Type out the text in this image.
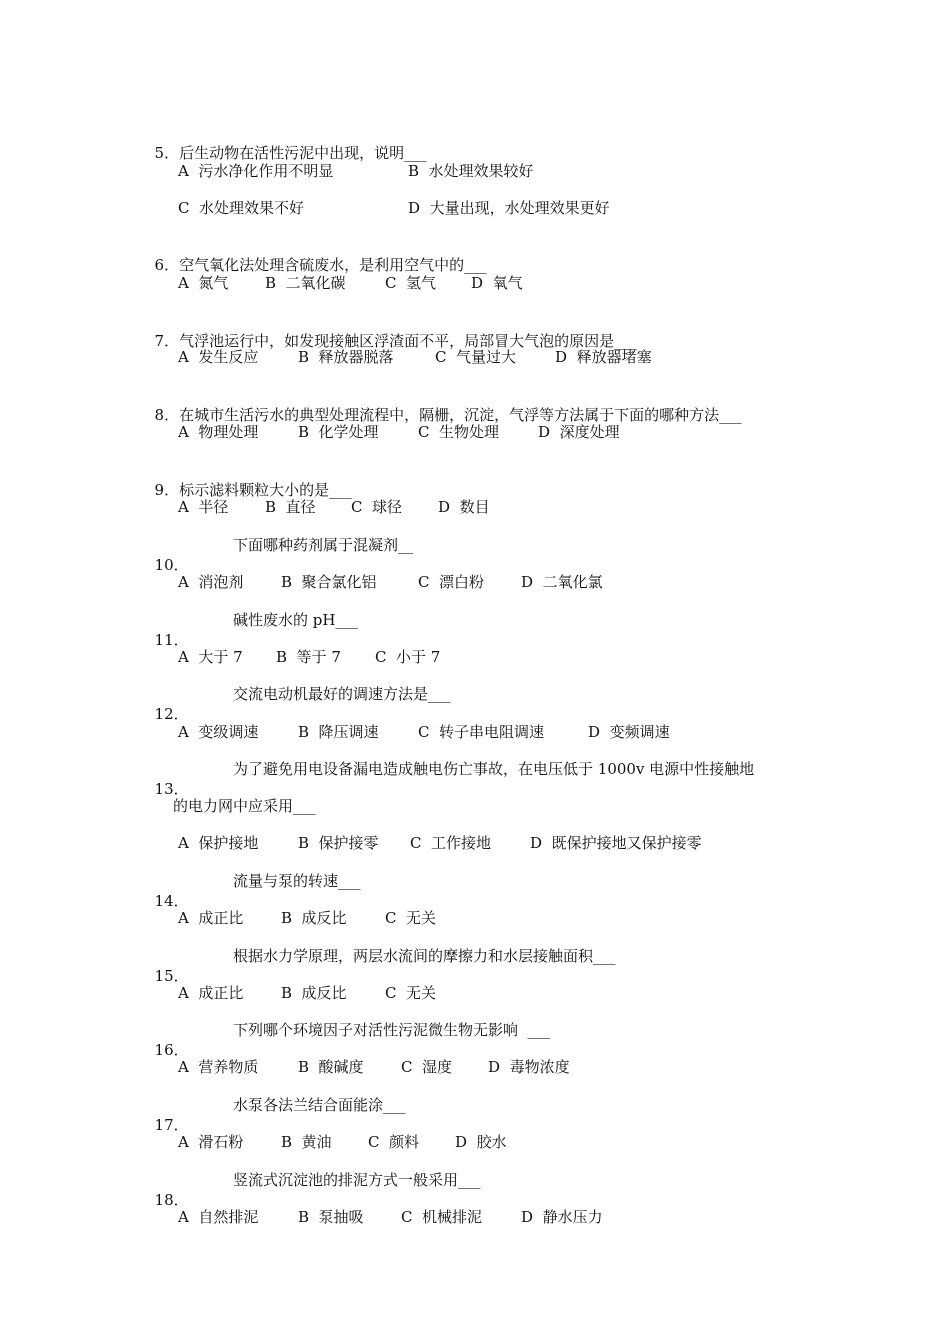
5．后生动物在活性污泥中出现，说明___

A  污水净化作用不明显

	B  水处理效果较好

C  水处理效果不好

	D  大量出现，水处理效果更好

6．空气氧化法处理含硫废水，是利用空气中的___

A  氮气

B  二氧化碳

	C  氢气

D  氧气

7．气浮池运行中，如发现接触区浮渣面不平，局部冒大气泡的原因是___

A  发生反应

	B  释放器脱落

	C  气量过大

	D  释放器堵塞

8．在城市生活污水的典型处理流程中，隔栅，沉淀，气浮等方法属于下面的哪种方法___

A  物理处理

	B  化学处理

	C  生物处理

	D  深度处理

9．标示滤料颗粒大小的是___

A  半径

B  直径

C  球径

D  数目

10．
下面哪种药剂属于混凝剂__

A  消泡剂

	B  聚合氯化铝

	C  漂白粉

D  二氧化氯

11．
碱性废水的 pH___

A  大于 7

B  等于 7

C  小于 7

12．
交流电动机最好的调速方法是___

A  变级调速

	B  降压调速

	C  转子串电阻调速

	D  变频调速

13．
为了避免用电设备漏电造成触电伤亡事故，在电压低于 1000v 电源中性接触地

的电力网中应采用___

A  保护接地

	B  保护接零

C  工作接地

	D  既保护接地又保护接零

14．
流量与泵的转速___

A  成正比

	B  成反比

	C  无关

15．
根据水力学原理，两层水流间的摩擦力和水层接触面积___

A  成正比

	B  成反比

	C  无关

16．
下列哪个环境因子对活性污泥微生物无影响  ___

A  营养物质

	B  酸碱度

C  湿度

D  毒物浓度

17．
水泵各法兰结合面能涂___

A  滑石粉

	B  黄油

C  颜料

D  胶水

18．
竖流式沉淀池的排泥方式一般采用___

A  自然排泥

	B  泵抽吸

C  机械排泥

	D  静水压力
